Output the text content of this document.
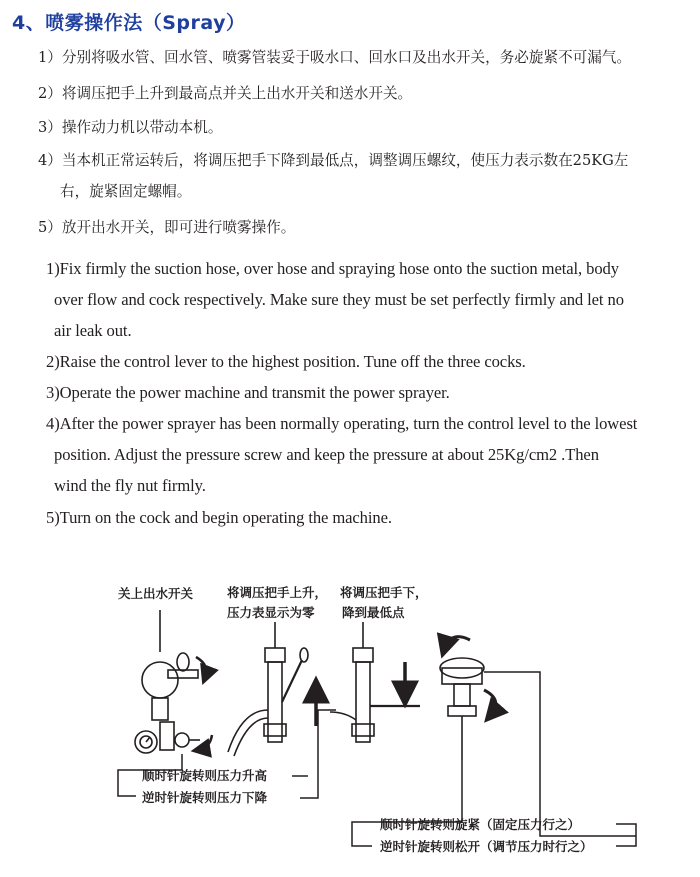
4、喷雾操作法（Spray）
1）分别将吸水管、回水管、喷雾管装妥于吸水口、回水口及出水开关，务必旋紧不可漏气。
2）将调压把手上升到最高点并关上出水开关和送水开关。
3）操作动力机以带动本机。
4）当本机正常运转后，将调压把手下降到最低点，调整调压螺纹，使压力表示数在25KG左
右，旋紧固定螺帽。
5）放开出水开关，即可进行喷雾操作。
1)Fix firmly the suction hose, over hose and spraying hose onto the suction metal, body
over flow and cock respectively. Make sure they must be set perfectly firmly and let no
air leak out.
2)Raise the control lever to the highest position. Tune off the three cocks.
3)Operate the power machine and transmit the power sprayer.
4)After the power sprayer has been normally operating, turn the control level to the lowest
position. Adjust the pressure screw and keep the pressure at about 25Kg/cm2 .Then
wind the fly nut firmly.
5)Turn on the cock and begin operating the machine.
关上出水开关	将调压把手上升，
压力表显示为零
将调压把手下，
降到最低点
顺时针旋转则压力升高
逆时针旋转则压力下降
顺时针旋转则旋紧（固定压力行之）
逆时针旋转则松开（调节压力时行之）
